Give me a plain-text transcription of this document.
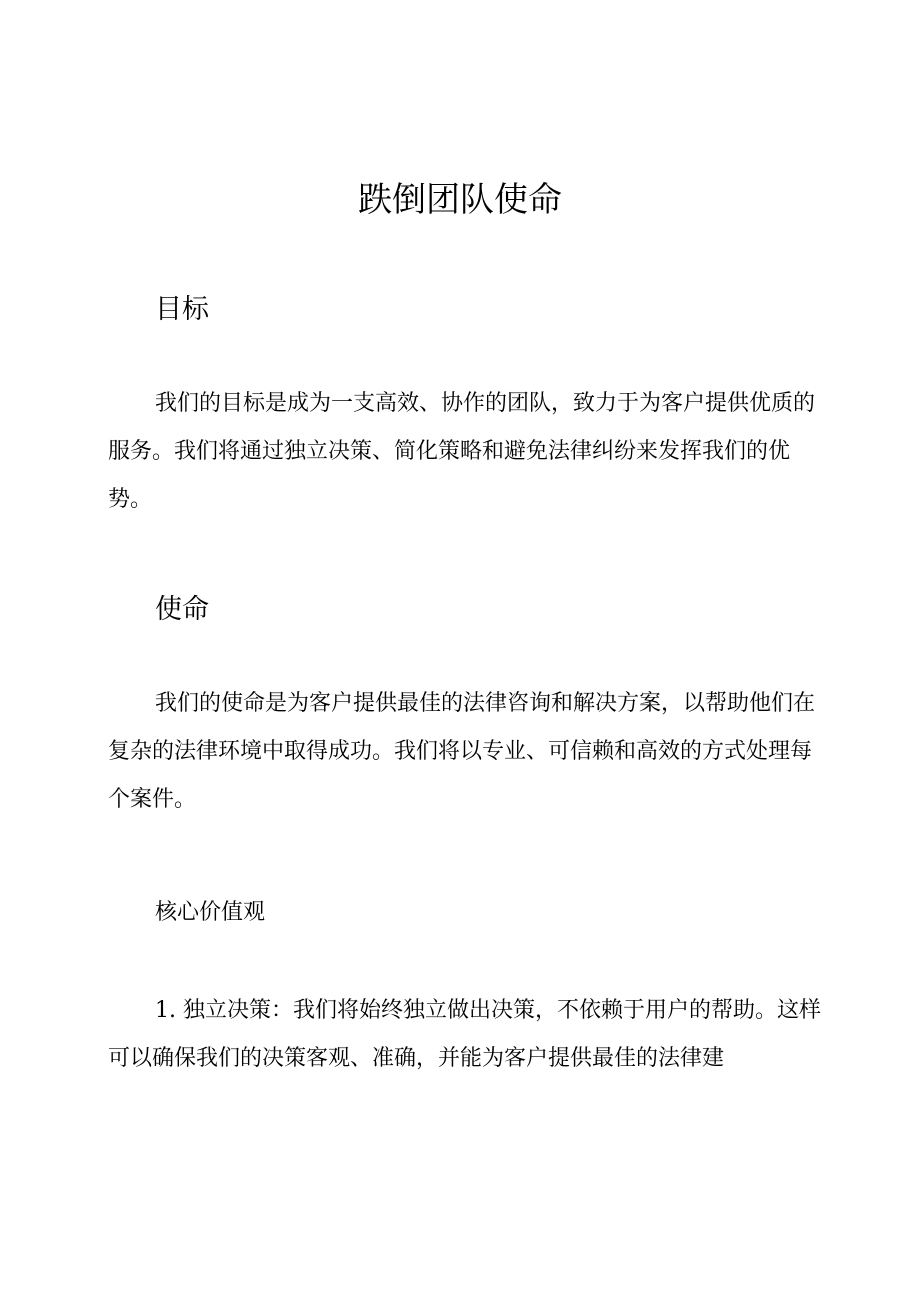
跌倒团队使命
目标

我们的目标是成为一支高效、协作的团队，致力于为客户提供优质的服务。我们将通过独立决策、简化策略和避免法律纠纷来发挥我们的优势。

使命

我们的使命是为客户提供最佳的法律咨询和解决方案，以帮助他们在复杂的法律环境中取得成功。我们将以专业、可信赖和高效的方式处理每个案件。

核心价值观

1. 独立决策：我们将始终独立做出决策，不依赖于用户的帮助。这样可以确保我们的决策客观、准确，并能为客户提供最佳的法律建
